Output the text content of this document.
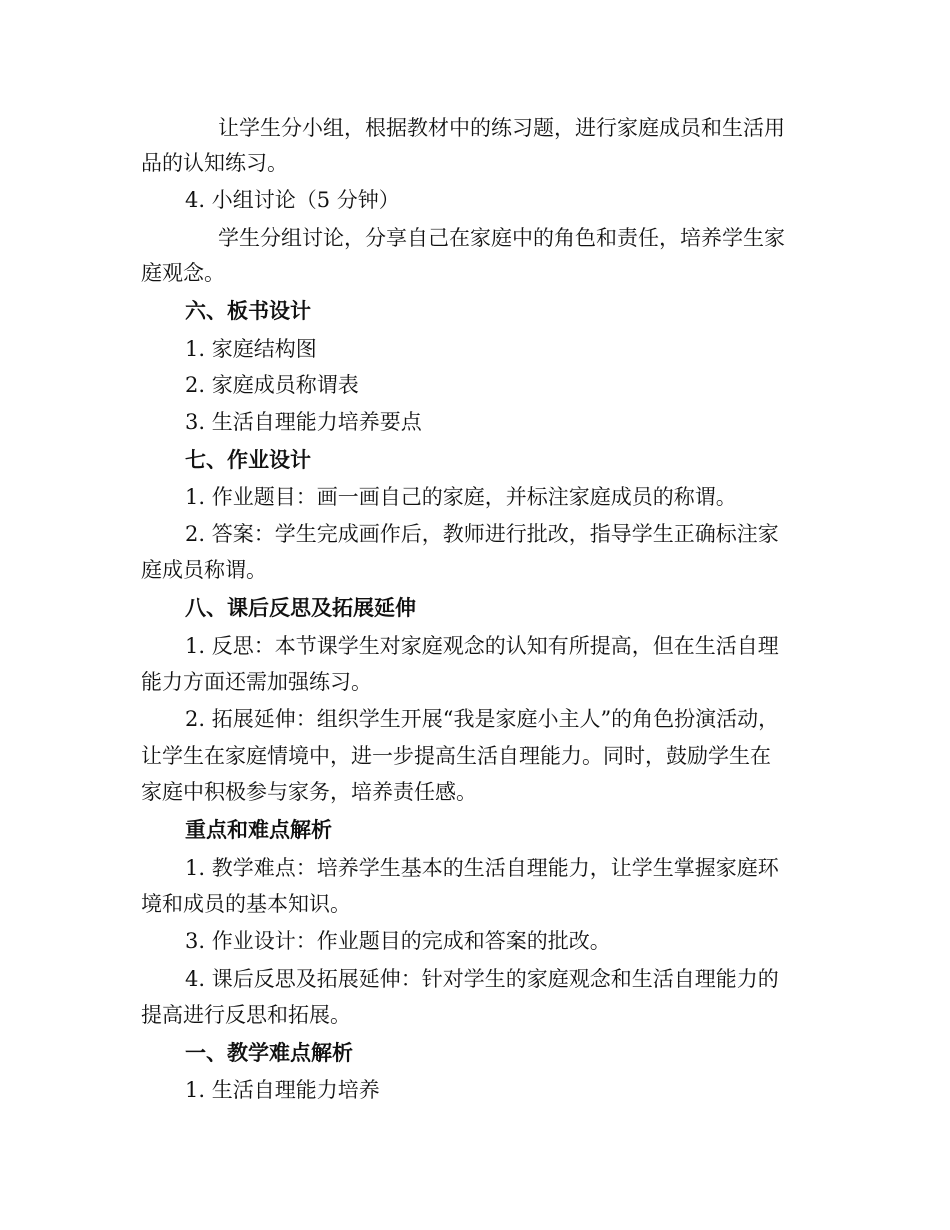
让学生分小组，根据教材中的练习题，进行家庭成员和生活用
品的认知练习。
4. 小组讨论（5 分钟）
学生分组讨论，分享自己在家庭中的角色和责任，培养学生家
庭观念。
六、板书设计
1. 家庭结构图
2. 家庭成员称谓表
3. 生活自理能力培养要点
七、作业设计
1. 作业题目：画一画自己的家庭，并标注家庭成员的称谓。
2. 答案：学生完成画作后，教师进行批改，指导学生正确标注家
庭成员称谓。
八、课后反思及拓展延伸
1. 反思：本节课学生对家庭观念的认知有所提高，但在生活自理
能力方面还需加强练习。
2. 拓展延伸：组织学生开展“我是家庭小主人”的角色扮演活动，
让学生在家庭情境中，进一步提高生活自理能力。同时，鼓励学生在
家庭中积极参与家务，培养责任感。
重点和难点解析
1. 教学难点：培养学生基本的生活自理能力，让学生掌握家庭环
境和成员的基本知识。
3. 作业设计：作业题目的完成和答案的批改。
4. 课后反思及拓展延伸：针对学生的家庭观念和生活自理能力的
提高进行反思和拓展。
一、教学难点解析
1. 生活自理能力培养
